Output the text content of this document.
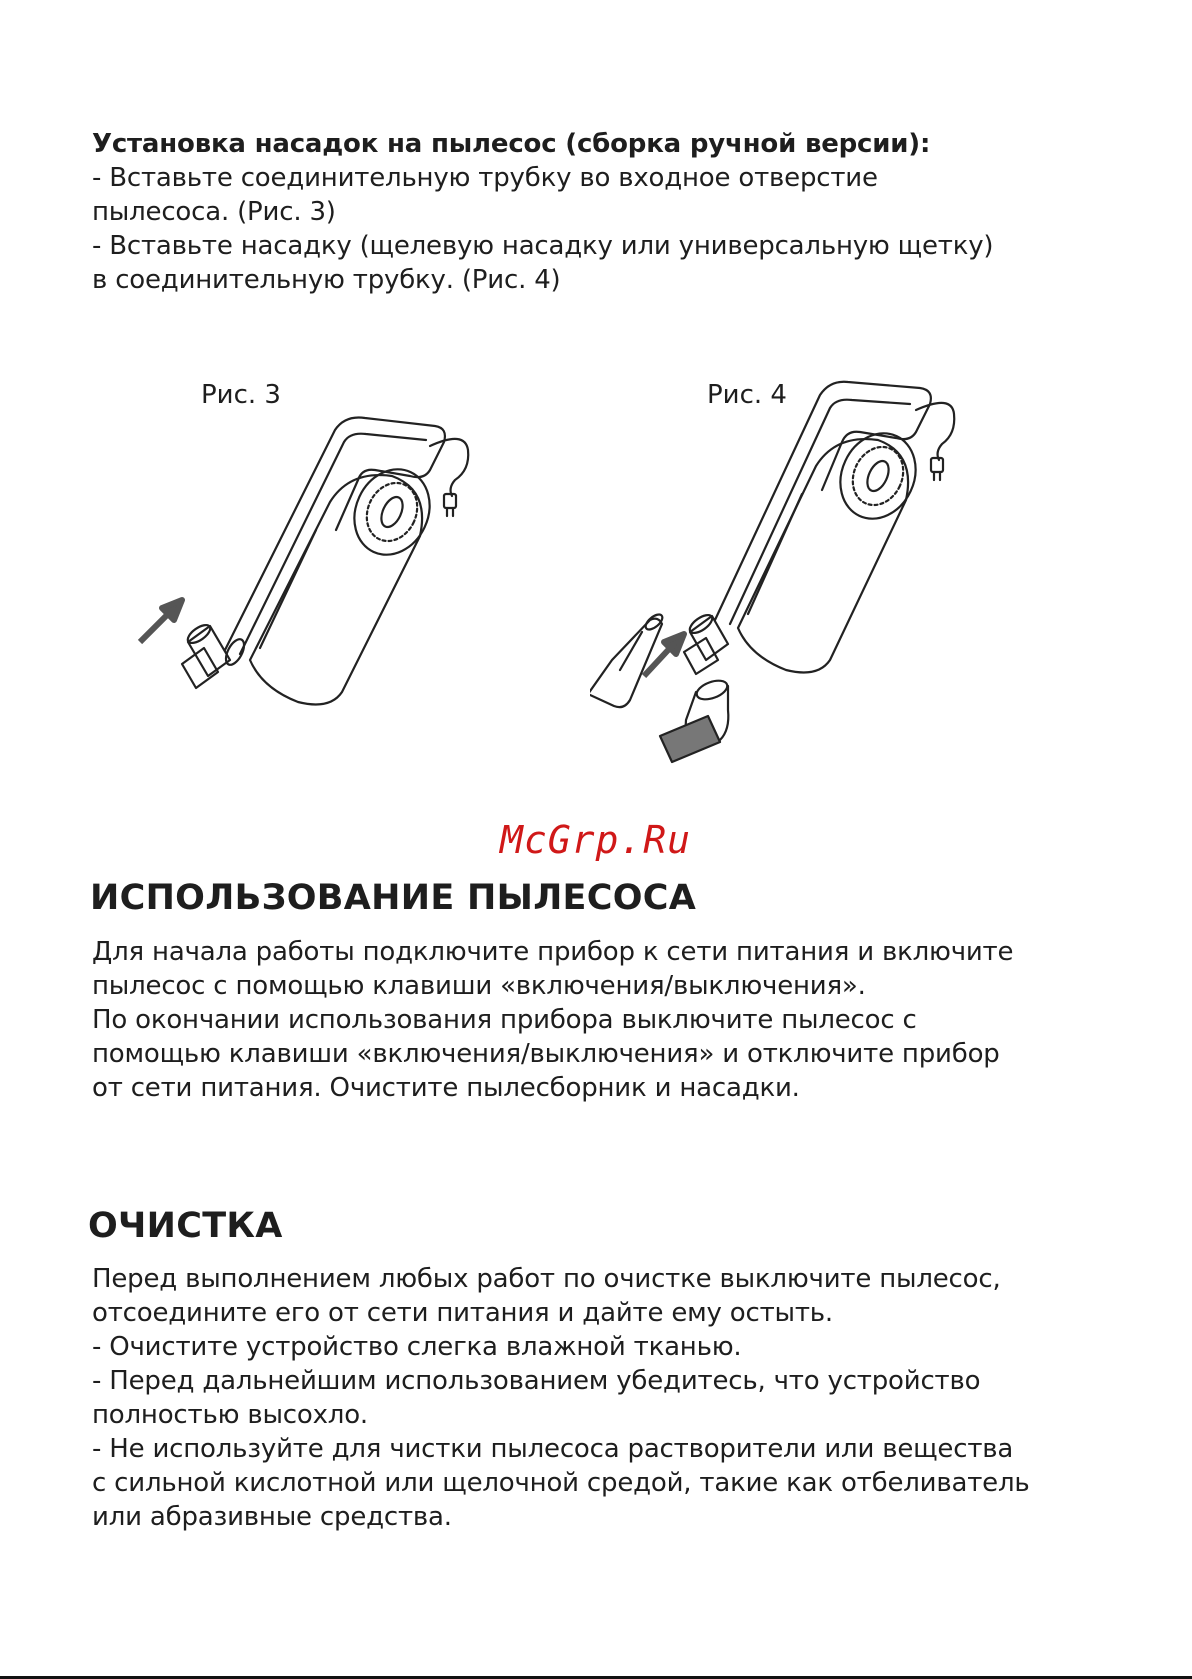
Установка насадок на пылесос (сборка ручной версии):
- Вставьте соединительную трубку во входное отверстие
пылесоса. (Рис. 3)
- Вставьте насадку (щелевую насадку или универсальную щетку)
в соединительную трубку. (Рис. 4)
Рис. 3	Рис. 4
McGrp.Ru
ИСПОЛЬЗОВАНИЕ ПЫЛЕСОСА
Для начала работы подключите прибор к сети питания и включите
пылесос с помощью клавиши «включения/выключения».
По окончании использования прибора выключите пылесос с
помощью клавиши «включения/выключения» и отключите прибор
от сети питания. Очистите пылесборник и насадки.
ОЧИСТКА
Перед выполнением любых работ по очистке выключите пылесос,
отсоедините его от сети питания и дайте ему остыть.
- Очистите устройство слегка влажной тканью.
- Перед дальнейшим использованием убедитесь, что устройство
полностью высохло.
- Не используйте для чистки пылесоса растворители или вещества
с сильной кислотной или щелочной средой, такие как отбеливатель
или абразивные средства.
